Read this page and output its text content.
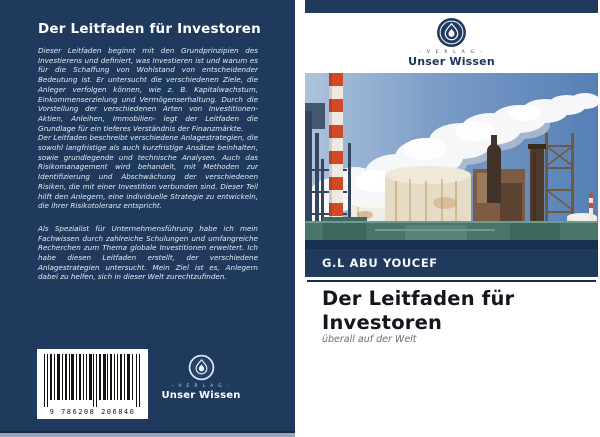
Der Leitfaden für Investoren

Dieser Leitfaden beginnt mit den Grundprinzipien des Investierens und definiert, was Investieren ist und warum es für die Schaffung von Wohlstand von entscheidender Bedeutung ist. Er untersucht die verschiedenen Ziele, die Anleger verfolgen können, wie z. B. Kapitalwachstum, Einkommenserzielung und Vermögenserhaltung. Durch die Vorstellung der verschiedenen Arten von Investitionen- Aktien, Anleihen, Immobilien- legt der Leitfaden die Grundlage für ein tieferes Verständnis der Finanzmärkte.

Der Leitfaden beschreibt verschiedene Anlagestrategien, die sowohl langfristige als auch kurzfristige Ansätze beinhalten, sowie grundlegende und technische Analysen. Auch das Risikomanagement wird behandelt, mit Methoden zur Identifizierung und Abschwächung der verschiedenen Risiken, die mit einer Investition verbunden sind. Dieser Teil hilft den Anlegern, eine individuelle Strategie zu entwickeln, die ihrer Risikotoleranz entspricht.

Als Spezialist für Unternehmensführung habe ich mein Fachwissen durch zahlreiche Schulungen und umfangreiche Recherchen zum Thema globale Investitionen erweitert. Ich habe diesen Leitfaden erstellt, der verschiedene Anlagestrategien untersucht. Mein Ziel ist es, Anlegern dabei zu helfen, sich in dieser Welt zurechtzufinden.

9 786208 206840
- V E R L A G -
Unser Wissen
- V E R L A G -
Unser Wissen
G.L ABU YOUCEF
Der Leitfaden für Investoren
überall auf der Welt
